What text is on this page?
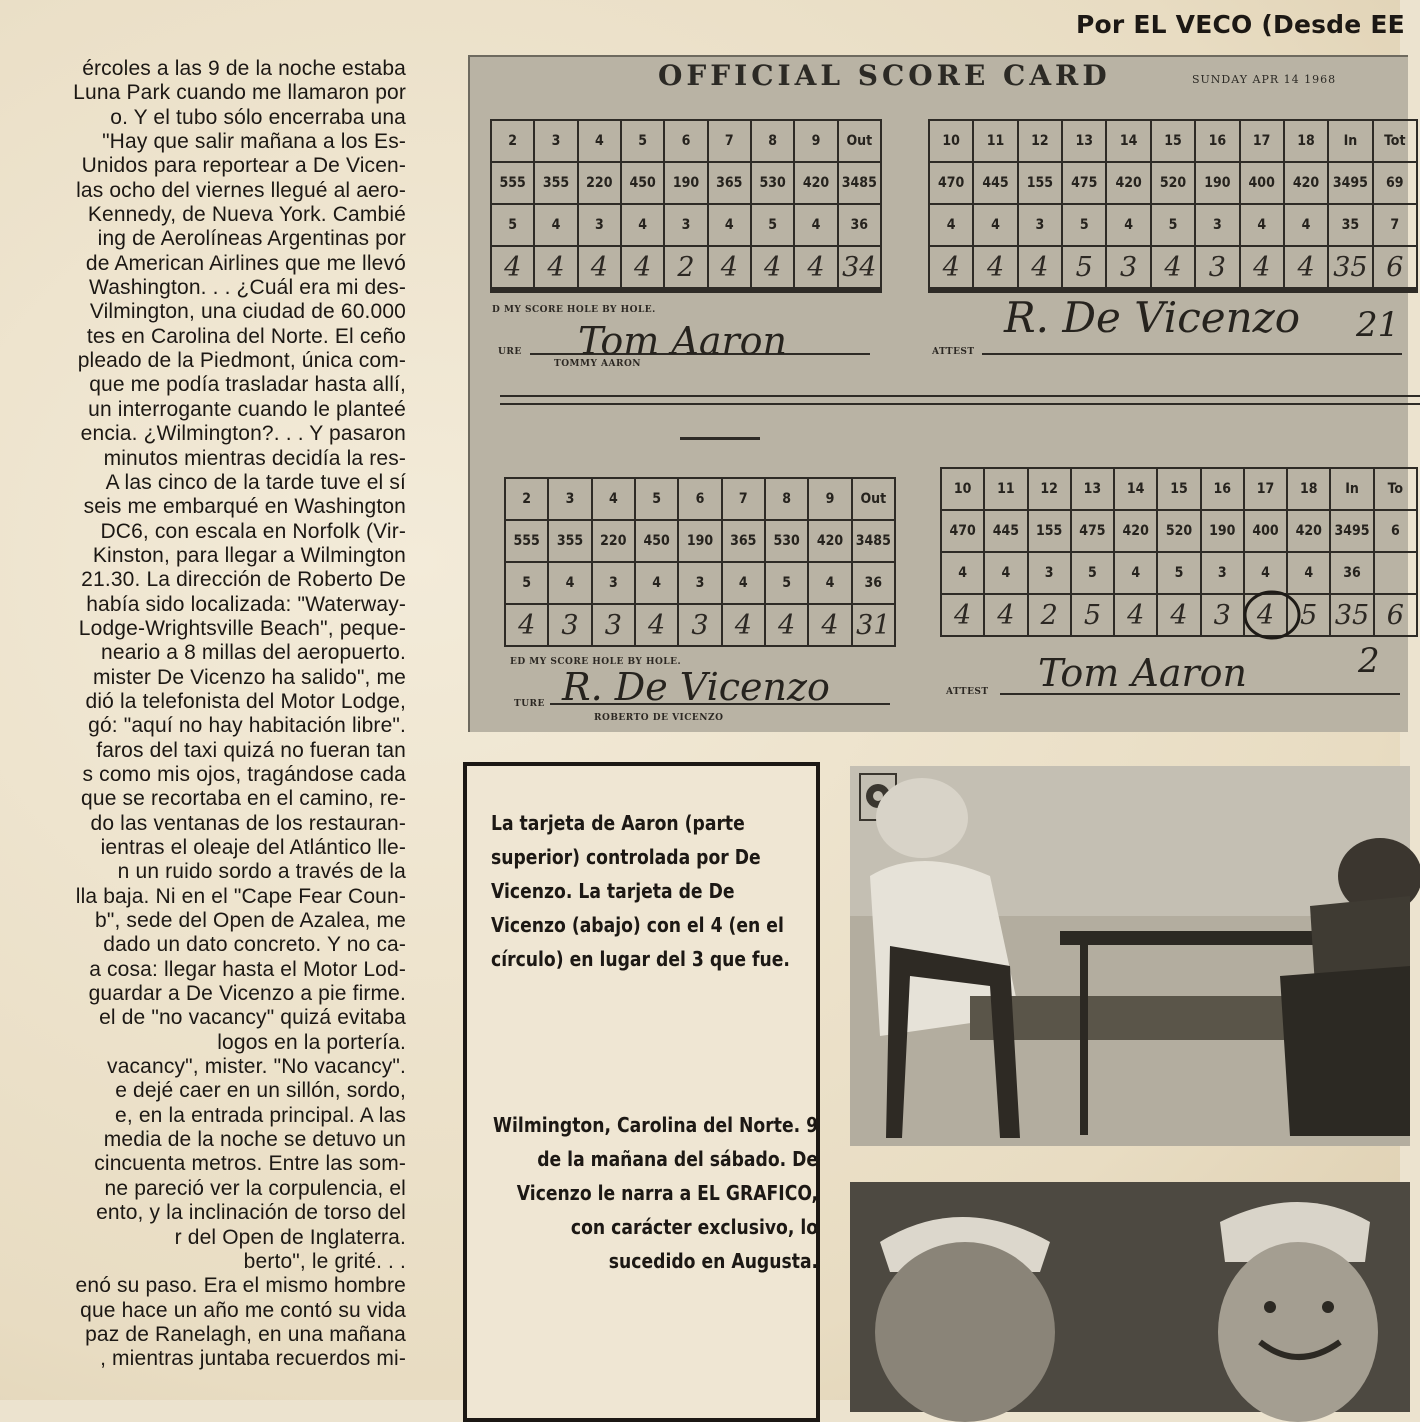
Por EL VECO (Desde EE
ércoles a las 9 de la noche estaba
Luna Park cuando me llamaron por
o. Y el tubo sólo encerraba una
"Hay que salir mañana a los Es-
Unidos para reportear a De Vicen-
las ocho del viernes llegué al aero-
Kennedy, de Nueva York. Cambié
ing de Aerolíneas Argentinas por
de American Airlines que me llevó
Washington. . . ¿Cuál era mi des-
Vilmington, una ciudad de 60.000
tes en Carolina del Norte. El ceño
pleado de la Piedmont, única com-
que me podía trasladar hasta allí,
un interrogante cuando le planteé
encia. ¿Wilmington?. . . Y pasaron
minutos mientras decidía la res-
A las cinco de la tarde tuve el sí
seis me embarqué en Washington
DC6, con escala en Norfolk (Vir-
Kinston, para llegar a Wilmington
21.30. La dirección de Roberto De
había sido localizada: "Waterway-
Lodge-Wrightsville Beach", peque-
neario a 8 millas del aeropuerto.
mister De Vicenzo ha salido", me
dió la telefonista del Motor Lodge,
gó: "aquí no hay habitación libre".
faros del taxi quizá no fueran tan
s como mis ojos, tragándose cada
que se recortaba en el camino, re-
do las ventanas de los restauran-
ientras el oleaje del Atlántico lle-
n un ruido sordo a través de la
lla baja. Ni en el "Cape Fear Coun-
b", sede del Open de Azalea, me
dado un dato concreto. Y no ca-
a cosa: llegar hasta el Motor Lod-
guardar a De Vicenzo a pie firme.
el de "no vacancy" quizá evitaba
logos en la portería.
vacancy", mister. "No vacancy".
e dejé caer en un sillón, sordo,
e, en la entrada principal. A las
media de la noche se detuvo un
cincuenta metros. Entre las som-
ne pareció ver la corpulencia, el
ento, y la inclinación de torso del
r del Open de Inglaterra.
berto", le grité. . .
enó su paso. Era el mismo hombre
que hace un año me contó su vida
paz de Ranelagh, en una mañana
, mientras juntaba recuerdos mi-
OFFICIAL SCORE CARD	SUNDAY APR 14 1968
2	3	4	5	6	7	8	9	Out
555	355	220	450	190	365	530	420	3485
5	4	3	4	3	4	5	4	36
4	4	4	4	2	4	4	4	34
10	11	12	13	14	15	16	17	18	In	Tot
470	445	155	475	420	520	190	400	420	3495	69
4	4	3	5	4	5	3	4	4	35	7
4	4	4	5	3	4	3	4	4	35	6
D MY SCORE HOLE BY HOLE.
URE Tom Aaron
TOMMY AARON
ATTEST
R. De Vicenzo 21
2	3	4	5	6	7	8	9	Out
555	355	220	450	190	365	530	420	3485
5	4	3	4	3	4	5	4	36
4	3	3	4	3	4	4	4	31
10	11	12	13	14	15	16	17	18	In	To
470	445	155	475	420	520	190	400	420	3495	6
4	4	3	5	4	5	3	4	4	36	
4	4	2	5	4	4	3	4	5	35	6
ED MY SCORE HOLE BY HOLE.
TURE R. De Vicenzo
ROBERTO DE VICENZO
ATTEST Tom Aaron	2
La tarjeta de Aaron (parte superior) controlada por De Vicenzo. La tarjeta de De Vicenzo (abajo) con el 4 (en el círculo) en lugar del 3 que fue.
Wilmington, Carolina del Norte. 9 de la mañana del sábado. De Vicenzo le narra a EL GRAFICO, con carácter exclusivo, lo sucedido en Augusta.
